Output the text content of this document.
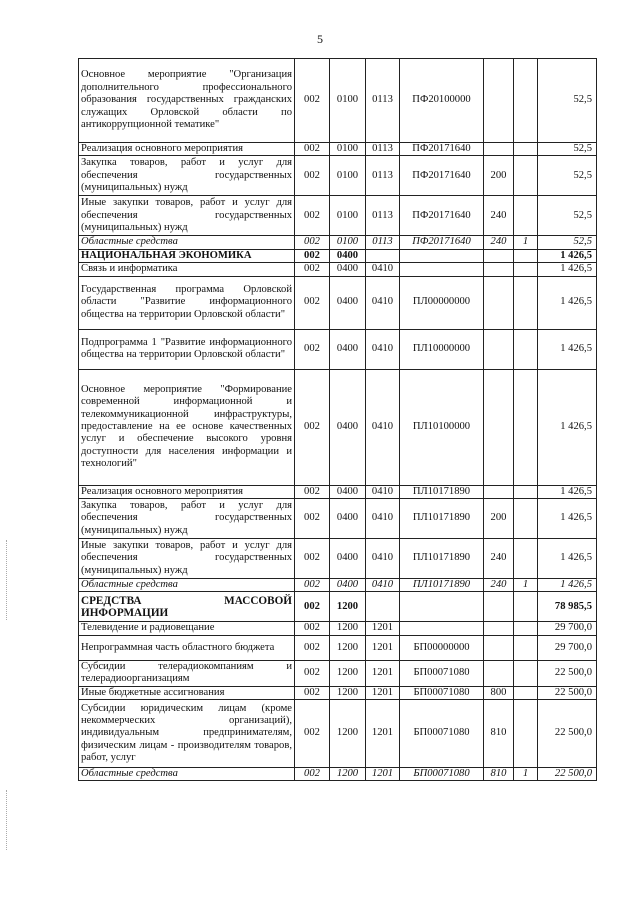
5
Основное мероприятие "Организация дополнительного профессионального образования государственных гражданских служащих Орловской области по антикоррупционной тематике"	002	0100	0113	ПФ20100000			52,5
Реализация основного мероприятия	002	0100	0113	ПФ20171640			52,5
Закупка товаров, работ и услуг для обеспечения государственных (муниципальных) нужд	002	0100	0113	ПФ20171640	200		52,5
Иные закупки товаров, работ и услуг для обеспечения государственных (муниципальных) нужд	002	0100	0113	ПФ20171640	240		52,5
Областные средства	002	0100	0113	ПФ20171640	240	1	52,5
НАЦИОНАЛЬНАЯ ЭКОНОМИКА	002	0400					1 426,5
Связь и информатика	002	0400	0410				1 426,5
Государственная программа Орловской области "Развитие информационного общества на территории Орловской области"	002	0400	0410	ПЛ00000000			1 426,5
Подпрограмма 1 "Развитие информационного общества на территории Орловской области"	002	0400	0410	ПЛ10000000			1 426,5
Основное мероприятие "Формирование современной информационной и телекоммуникационной инфраструктуры, предоставление на ее основе качественных услуг и обеспечение высокого уровня доступности для населения информации и технологий"	002	0400	0410	ПЛ10100000			1 426,5
Реализация основного мероприятия	002	0400	0410	ПЛ10171890			1 426,5
Закупка товаров, работ и услуг для обеспечения государственных (муниципальных) нужд	002	0400	0410	ПЛ10171890	200		1 426,5
Иные закупки товаров, работ и услуг для обеспечения государственных (муниципальных) нужд	002	0400	0410	ПЛ10171890	240		1 426,5
Областные средства	002	0400	0410	ПЛ10171890	240	1	1 426,5
СРЕДСТВА МАССОВОЙ ИНФОРМАЦИИ	002	1200					78 985,5
Телевидение и радиовещание	002	1200	1201				29 700,0
Непрограммная часть областного бюджета	002	1200	1201	БП00000000			29 700,0
Субсидии телерадиокомпаниям и телерадиоорганизациям	002	1200	1201	БП00071080			22 500,0
Иные бюджетные ассигнования	002	1200	1201	БП00071080	800		22 500,0
Субсидии юридическим лицам (кроме некоммерческих организаций), индивидуальным предпринимателям, физическим лицам - производителям товаров, работ, услуг	002	1200	1201	БП00071080	810		22 500,0
Областные средства	002	1200	1201	БП00071080	810	1	22 500,0
